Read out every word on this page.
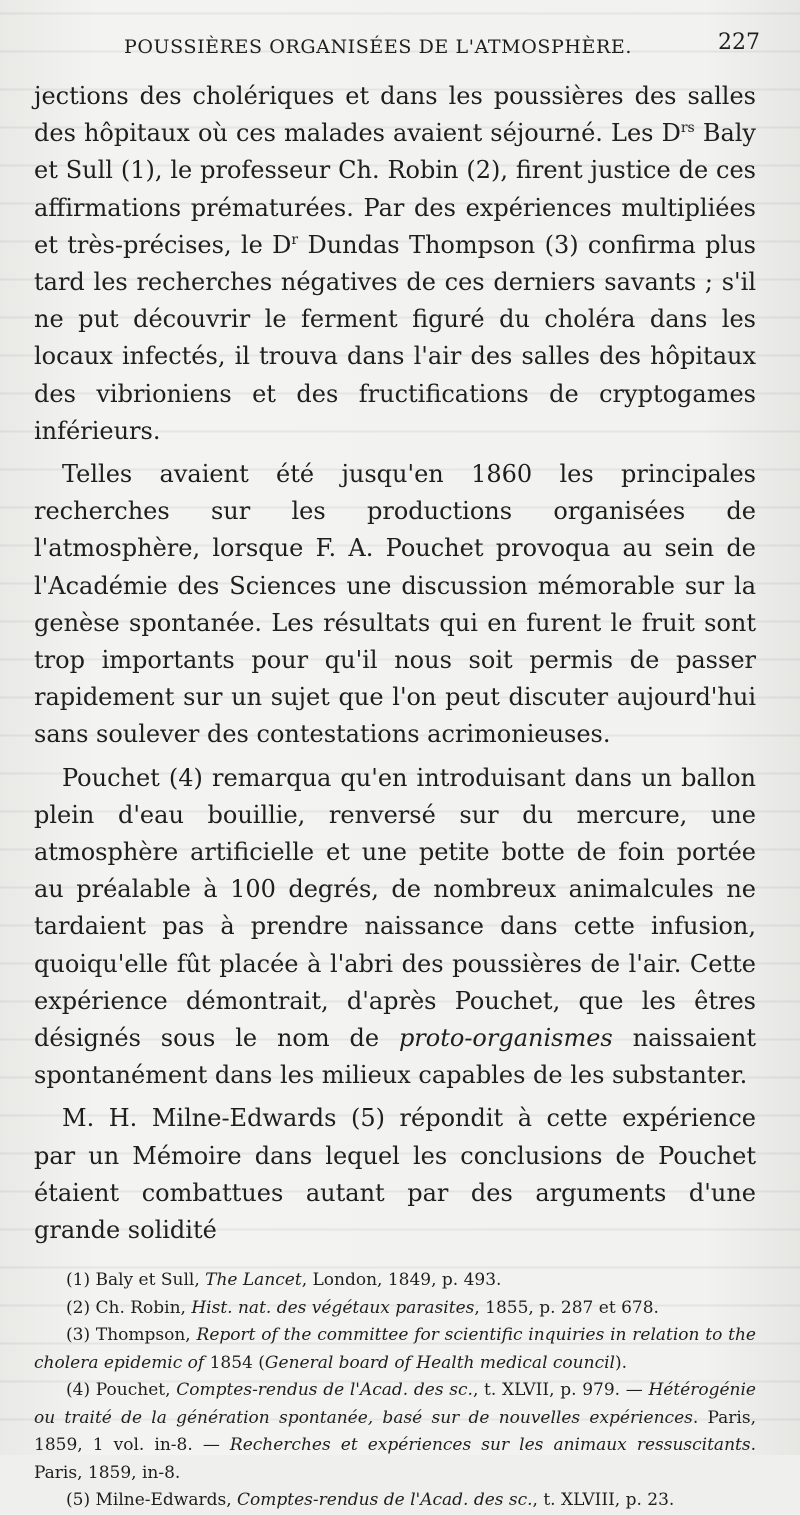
POUSSIÈRES ORGANISÉES DE L'ATMOSPHÈRE.	227

jections des cholériques et dans les poussières des salles des hôpitaux où ces malades avaient séjourné. Les $D^{rs}$ Baly et Sull (1), le professeur Ch. Robin (2), firent justice de ces affirmations prématurées. Par des expériences multipliées et très-précises, le $D^r$ Dundas Thompson (3) confirma plus tard les recherches négatives de ces derniers savants ; s'il ne put découvrir le ferment figuré du choléra dans les locaux infectés, il trouva dans l'air des salles des hôpitaux des vibrioniens et des fructifications de cryptogames inférieurs.

Telles avaient été jusqu'en 1860 les principales recherches sur les productions organisées de l'atmosphère, lorsque F. A. Pouchet provoqua au sein de l'Académie des Sciences une discussion mémorable sur la genèse spontanée. Les résultats qui en furent le fruit sont trop importants pour qu'il nous soit permis de passer rapidement sur un sujet que l'on peut discuter aujourd'hui sans soulever des contestations acrimonieuses.

Pouchet (4) remarqua qu'en introduisant dans un ballon plein d'eau bouillie, renversé sur du mercure, une atmosphère artificielle et une petite botte de foin portée au préalable à 100 degrés, de nombreux animalcules ne tardaient pas à prendre naissance dans cette infusion, quoiqu'elle fût placée à l'abri des poussières de l'air. Cette expérience démontrait, d'après Pouchet, que les êtres désignés sous le nom de proto-organismes naissaient spontanément dans les milieux capables de les substanter.

M. H. Milne-Edwards (5) répondit à cette expérience par un Mémoire dans lequel les conclusions de Pouchet étaient combattues autant par des arguments d'une grande solidité

(1) Baly et Sull, The Lancet, London, 1849, p. 493.
(2) Ch. Robin, Hist. nat. des végétaux parasites, 1855, p. 287 et 678.
(3) Thompson, Report of the committee for scientific inquiries in relation to the cholera epidemic of 1854 (General board of Health medical council).
(4) Pouchet, Comptes-rendus de l'Acad. des sc., t. XLVII, p. 979. — Hétérogénie ou traité de la génération spontanée, basé sur de nouvelles expériences. Paris, 1859, 1 vol. in-8. — Recherches et expériences sur les animaux ressuscitants. Paris, 1859, in-8.
(5) Milne-Edwards, Comptes-rendus de l'Acad. des sc., t. XLVIII, p. 23.
